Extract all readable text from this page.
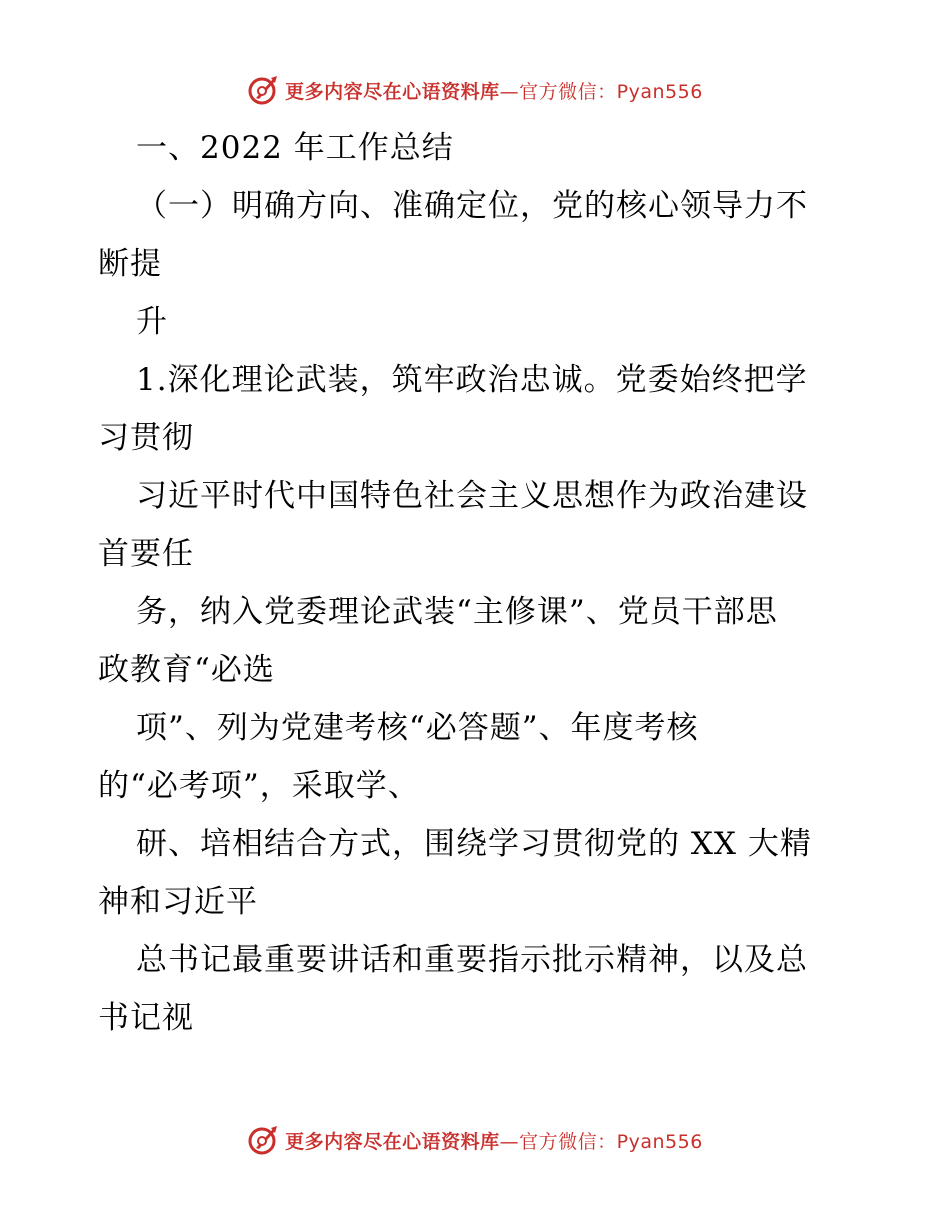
更多内容尽在心语资料库—官方微信：Pyan556
一、2022 年工作总结
（一）明确方向、准确定位，党的核心领导力不
断提
升
1.深化理论武装，筑牢政治忠诚。党委始终把学
习贯彻
习近平时代中国特色社会主义思想作为政治建设
首要任
务，纳入党委理论武装“主修课”、党员干部思
政教育“必选
项”、列为党建考核“必答题”、年度考核
的“必考项”，采取学、
研、培相结合方式，围绕学习贯彻党的 XX 大精
神和习近平
总书记最重要讲话和重要指示批示精神，以及总
书记视
更多内容尽在心语资料库—官方微信：Pyan556
